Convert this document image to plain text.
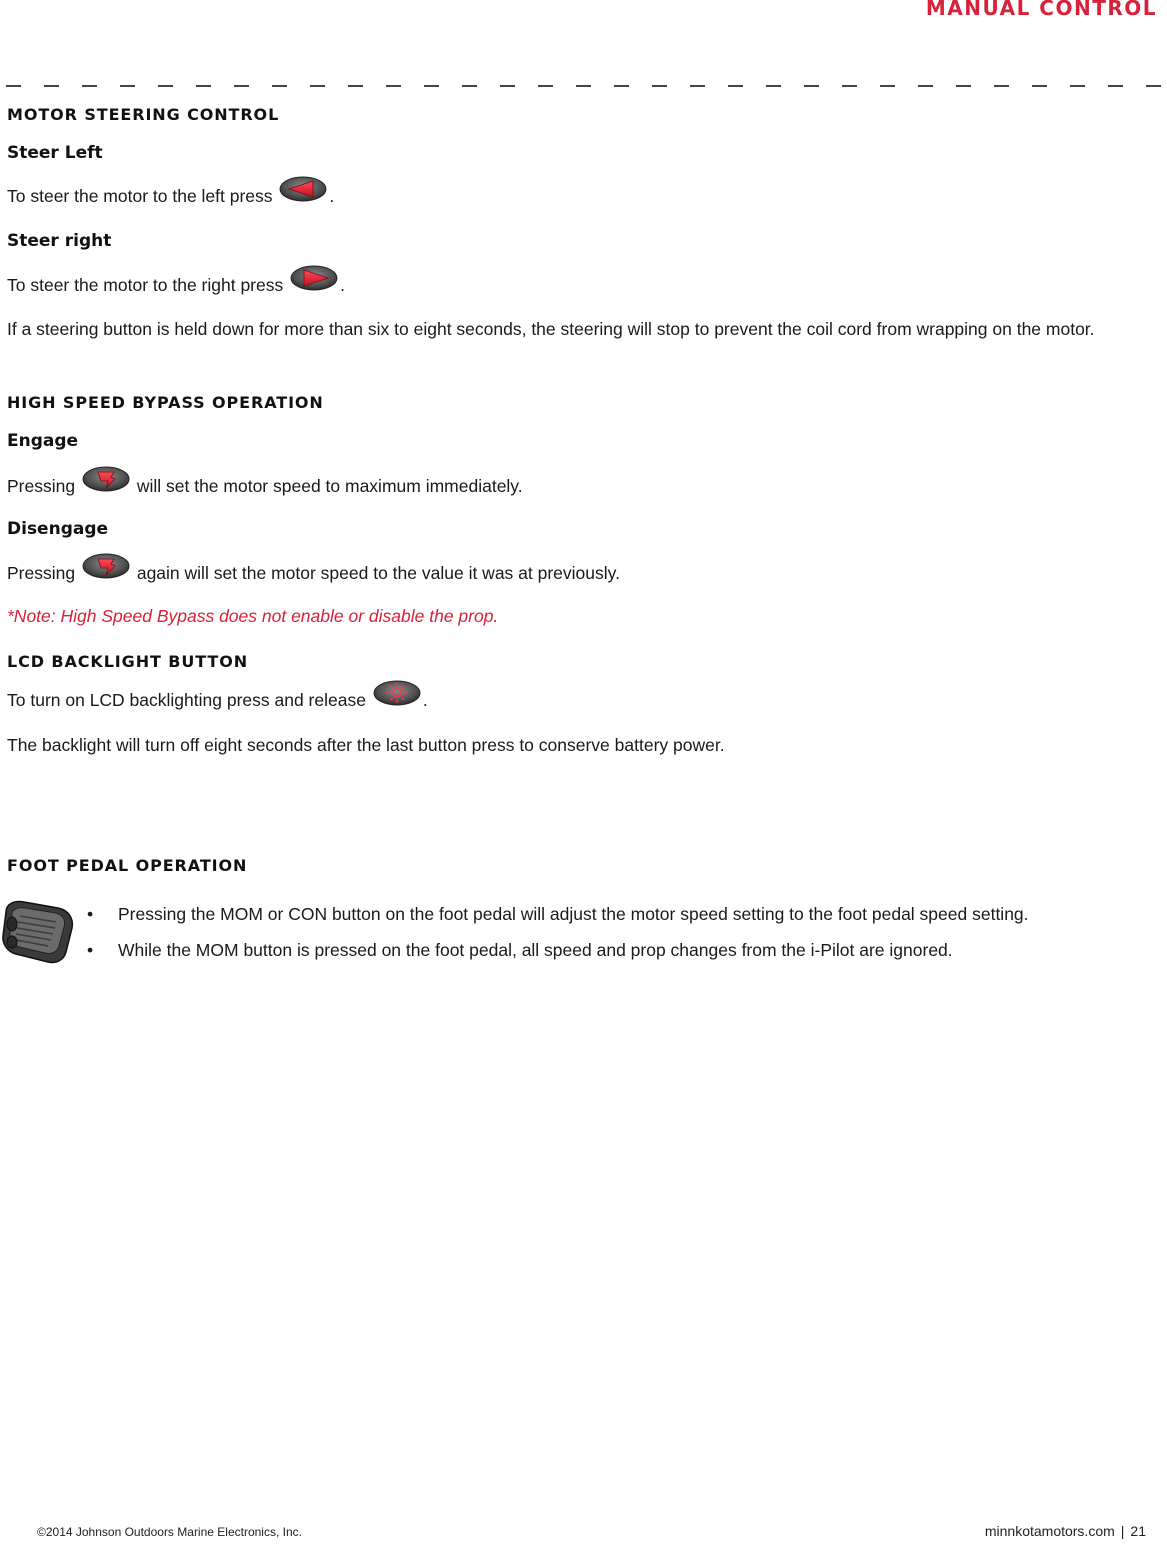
MANUAL CONTROL
MOTOR STEERING CONTROL
Steer Left

To steer the motor to the left press	.

Steer right

To steer the motor to the right press	.

If a steering button is held down for more than six to eight seconds, the steering will stop to prevent the coil cord from wrapping on the motor.

HIGH SPEED BYPASS OPERATION
Engage

Pressing	will set the motor speed to maximum immediately.

Disengage

Pressing	again will set the motor speed to the value it was at previously.

*Note: High Speed Bypass does not enable or disable the prop.

LCD BACKLIGHT BUTTON

To turn on LCD backlighting press and release	.

The backlight will turn off eight seconds after the last button press to conserve battery power.

FOOT PEDAL OPERATION
• Pressing the MOM or CON button on the foot pedal will adjust the motor speed setting to the foot pedal speed setting.
• While the MOM button is pressed on the foot pedal, all speed and prop changes from the i-Pilot are ignored.
©2014 Johnson Outdoors Marine Electronics, Inc.	minnkotamotors.com | 21
